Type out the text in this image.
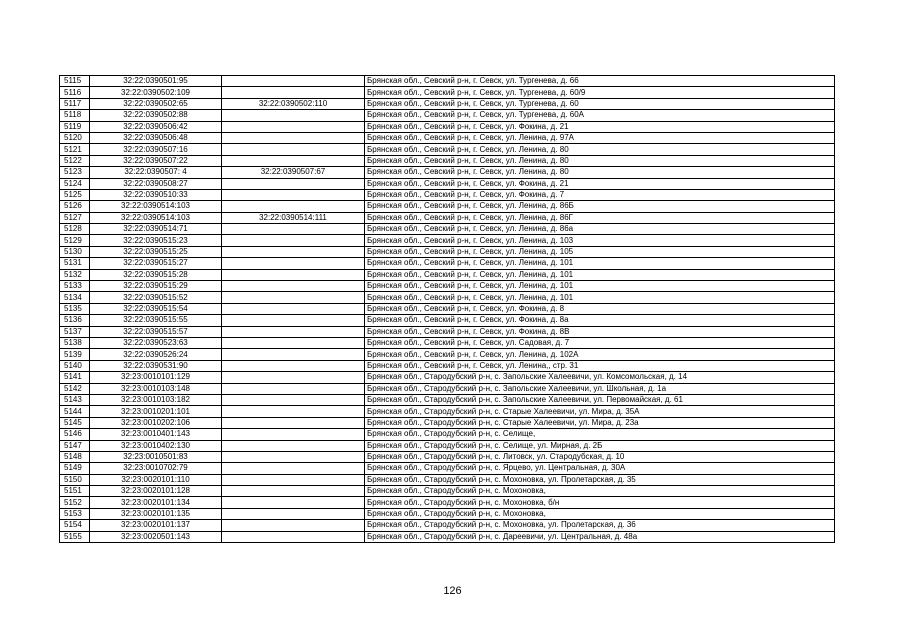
5115	32:22:0390501:95		Брянская обл., Севский р-н, г. Севск, ул. Тургенева, д. 66
5116	32:22:0390502:109		Брянская обл., Севский р-н, г. Севск, ул. Тургенева, д. 60/9
5117	32:22:0390502:65	32:22:0390502:110	Брянская обл., Севский р-н, г. Севск, ул. Тургенева, д. 60
5118	32:22:0390502:88		Брянская обл., Севский р-н, г. Севск, ул. Тургенева, д. 60А
5119	32:22:0390506:42		Брянская обл., Севский р-н, г. Севск, ул. Фокина, д. 21
5120	32:22:0390506:48		Брянская обл., Севский р-н, г. Севск, ул. Ленина, д. 97А
5121	32:22:0390507:16		Брянская обл., Севский р-н, г. Севск, ул. Ленина, д. 80
5122	32:22:0390507:22		Брянская обл., Севский р-н, г. Севск, ул. Ленина, д. 80
5123	32:22:0390507: 4	32:22:0390507:67	Брянская обл., Севский р-н, г. Севск, ул. Ленина, д. 80
5124	32:22:0390508:27		Брянская обл., Севский р-н, г. Севск, ул. Фокина, д. 21
5125	32:22:0390510:33		Брянская обл., Севский р-н, г. Севск, ул. Фокина, д. 7
5126	32:22:0390514:103		Брянская обл., Севский р-н, г. Севск, ул. Ленина, д. 86Б
5127	32:22:0390514:103	32:22:0390514:111	Брянская обл., Севский р-н, г. Севск, ул. Ленина, д. 86Г
5128	32:22:0390514:71		Брянская обл., Севский р-н, г. Севск, ул. Ленина, д. 86а
5129	32:22:0390515:23		Брянская обл., Севский р-н, г. Севск, ул. Ленина, д. 103
5130	32:22:0390515:25		Брянская обл., Севский р-н, г. Севск, ул. Ленина, д. 105
5131	32:22:0390515:27		Брянская обл., Севский р-н, г. Севск, ул. Ленина, д. 101
5132	32:22:0390515:28		Брянская обл., Севский р-н, г. Севск, ул. Ленина, д. 101
5133	32:22:0390515:29		Брянская обл., Севский р-н, г. Севск, ул. Ленина, д. 101
5134	32:22:0390515:52		Брянская обл., Севский р-н, г. Севск, ул. Ленина, д. 101
5135	32:22:0390515:54		Брянская обл., Севский р-н, г. Севск, ул. Фокина, д. 8
5136	32:22:0390515:55		Брянская обл., Севский р-н, г. Севск, ул. Фокина, д. 8а
5137	32:22:0390515:57		Брянская обл., Севский р-н, г. Севск, ул. Фокина, д. 8В
5138	32:22:0390523:63		Брянская обл., Севский р-н, г. Севск, ул. Садовая, д. 7
5139	32:22:0390526:24		Брянская обл., Севский р-н, г. Севск, ул. Ленина, д. 102А
5140	32:22:0390531:90		Брянская обл., Севский р-н, г. Севск, ул. Ленина,, стр. 31
5141	32:23:0010101:129		Брянская обл., Стародубский р-н, с. Запольские Халеевичи, ул. Комсомольская, д. 14
5142	32:23:0010103:148		Брянская обл., Стародубский р-н, с. Запольские Халеевичи, ул. Школьная, д. 1а
5143	32:23:0010103:182		Брянская обл., Стародубский р-н, с. Запольские Халеевичи, ул. Первомайская, д. 61
5144	32:23:0010201:101		Брянская обл., Стародубский р-н, с. Старые Халеевичи, ул. Мира, д. 35А
5145	32:23:0010202:106		Брянская обл., Стародубский р-н, с. Старые Халеевичи, ул. Мира, д. 23а
5146	32:23:0010401:143		Брянская обл., Стародубский р-н, с. Селище,
5147	32:23:0010402:130		Брянская обл., Стародубский р-н, с. Селище, ул. Мирная, д. 2Б
5148	32:23:0010501:83		Брянская обл., Стародубский р-н, с. Литовск, ул. Стародубская, д. 10
5149	32:23:0010702:79		Брянская обл., Стародубский р-н, с. Ярцево, ул. Центральная, д. 30А
5150	32:23:0020101:110		Брянская обл., Стародубский р-н, с. Мохоновка, ул. Пролетарская, д. 35
5151	32:23:0020101:128		Брянская обл., Стародубский р-н, с. Мохоновка,
5152	32:23:0020101:134		Брянская обл., Стародубский р-н, с. Мохоновка, б/н
5153	32:23:0020101:135		Брянская обл., Стародубский р-н, с. Мохоновка,
5154	32:23:0020101:137		Брянская обл., Стародубский р-н, с. Мохоновка, ул. Пролетарская, д. 36
5155	32:23:0020501:143		Брянская обл., Стародубский р-н, с. Дареевичи, ул. Центральная, д. 48а
126
